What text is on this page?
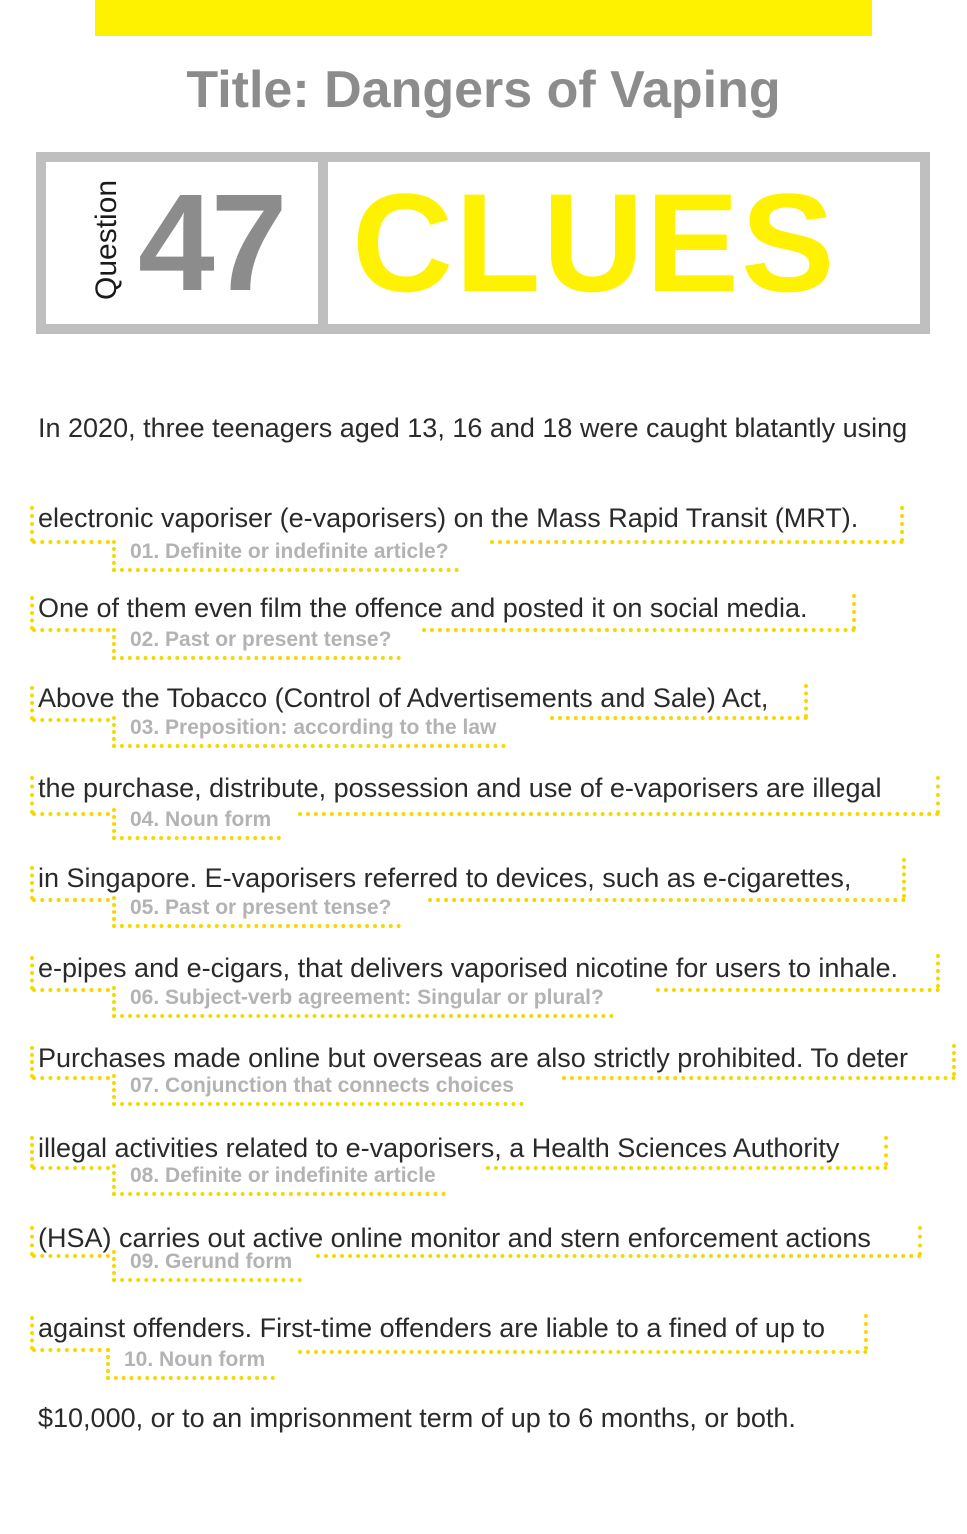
Title: Dangers of Vaping
47 CLUES
Question
In 2020, three teenagers aged 13, 16 and 18 were caught blatantly using
electronic vaporiser (e-vaporisers) on the Mass Rapid Transit (MRT).
01. Definite or indefinite article?
One of them even film the offence and posted it on social media.
02. Past or present tense?
Above the Tobacco (Control of Advertisements and Sale) Act,
03. Preposition: according to the law
the purchase, distribute, possession and use of e-vaporisers are illegal
04. Noun form
in Singapore. E-vaporisers referred to devices, such as e-cigarettes,
05. Past or present tense?
e-pipes and e-cigars, that delivers vaporised nicotine for users to inhale.
06. Subject-verb agreement: Singular or plural?
Purchases made online but overseas are also strictly prohibited. To deter
07. Conjunction that connects choices
illegal activities related to e-vaporisers, a Health Sciences Authority
08. Definite or indefinite article
(HSA) carries out active online monitor and stern enforcement actions
09. Gerund form
against offenders. First-time offenders are liable to a fined of up to
10. Noun form
$10,000, or to an imprisonment term of up to 6 months, or both.
